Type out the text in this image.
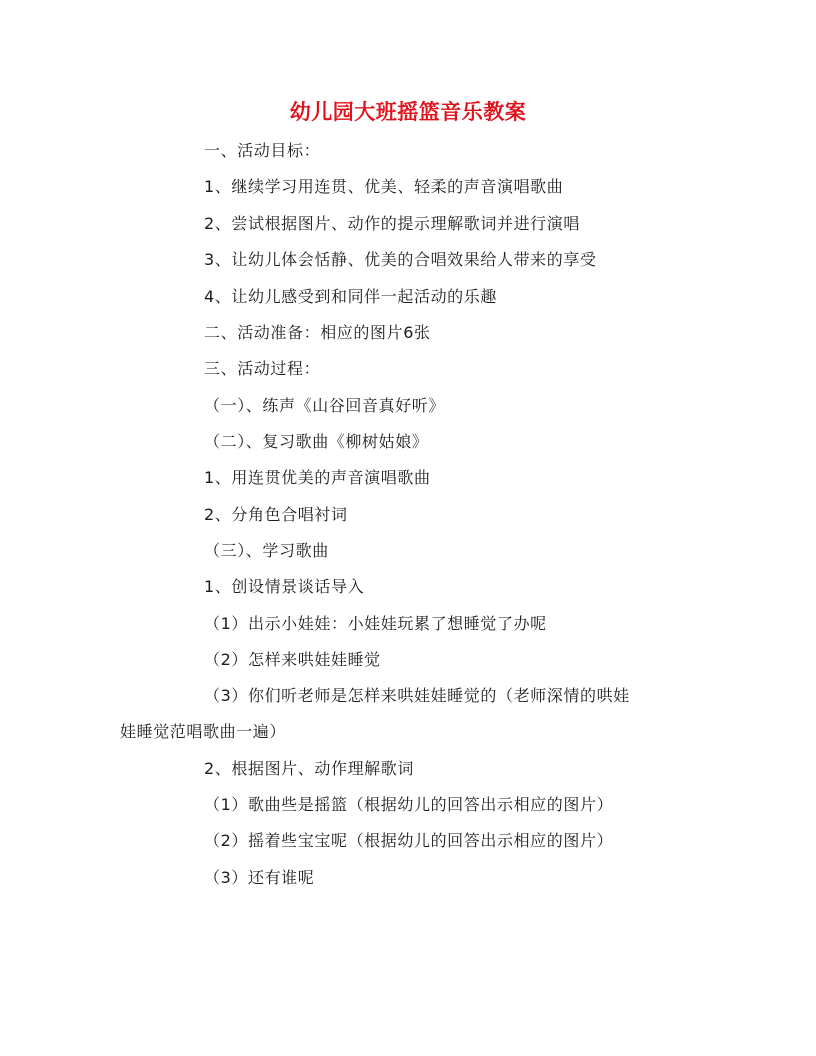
幼儿园大班摇篮音乐教案
一、活动目标：
1、继续学习用连贯、优美、轻柔的声音演唱歌曲
2、尝试根据图片、动作的提示理解歌词并进行演唱
3、让幼儿体会恬静、优美的合唱效果给人带来的享受
4、让幼儿感受到和同伴一起活动的乐趣
二、活动准备：相应的图片6张
三、活动过程：
（一）、练声《山谷回音真好听》
（二）、复习歌曲《柳树姑娘》
1、用连贯优美的声音演唱歌曲
2、分角色合唱衬词
（三）、学习歌曲
1、创设情景谈话导入
（1）出示小娃娃：小娃娃玩累了想睡觉了办呢
（2）怎样来哄娃娃睡觉
（3）你们听老师是怎样来哄娃娃睡觉的（老师深情的哄娃
娃睡觉范唱歌曲一遍）
2、根据图片、动作理解歌词
（1）歌曲些是摇篮（根据幼儿的回答出示相应的图片）
（2）摇着些宝宝呢（根据幼儿的回答出示相应的图片）
（3）还有谁呢
